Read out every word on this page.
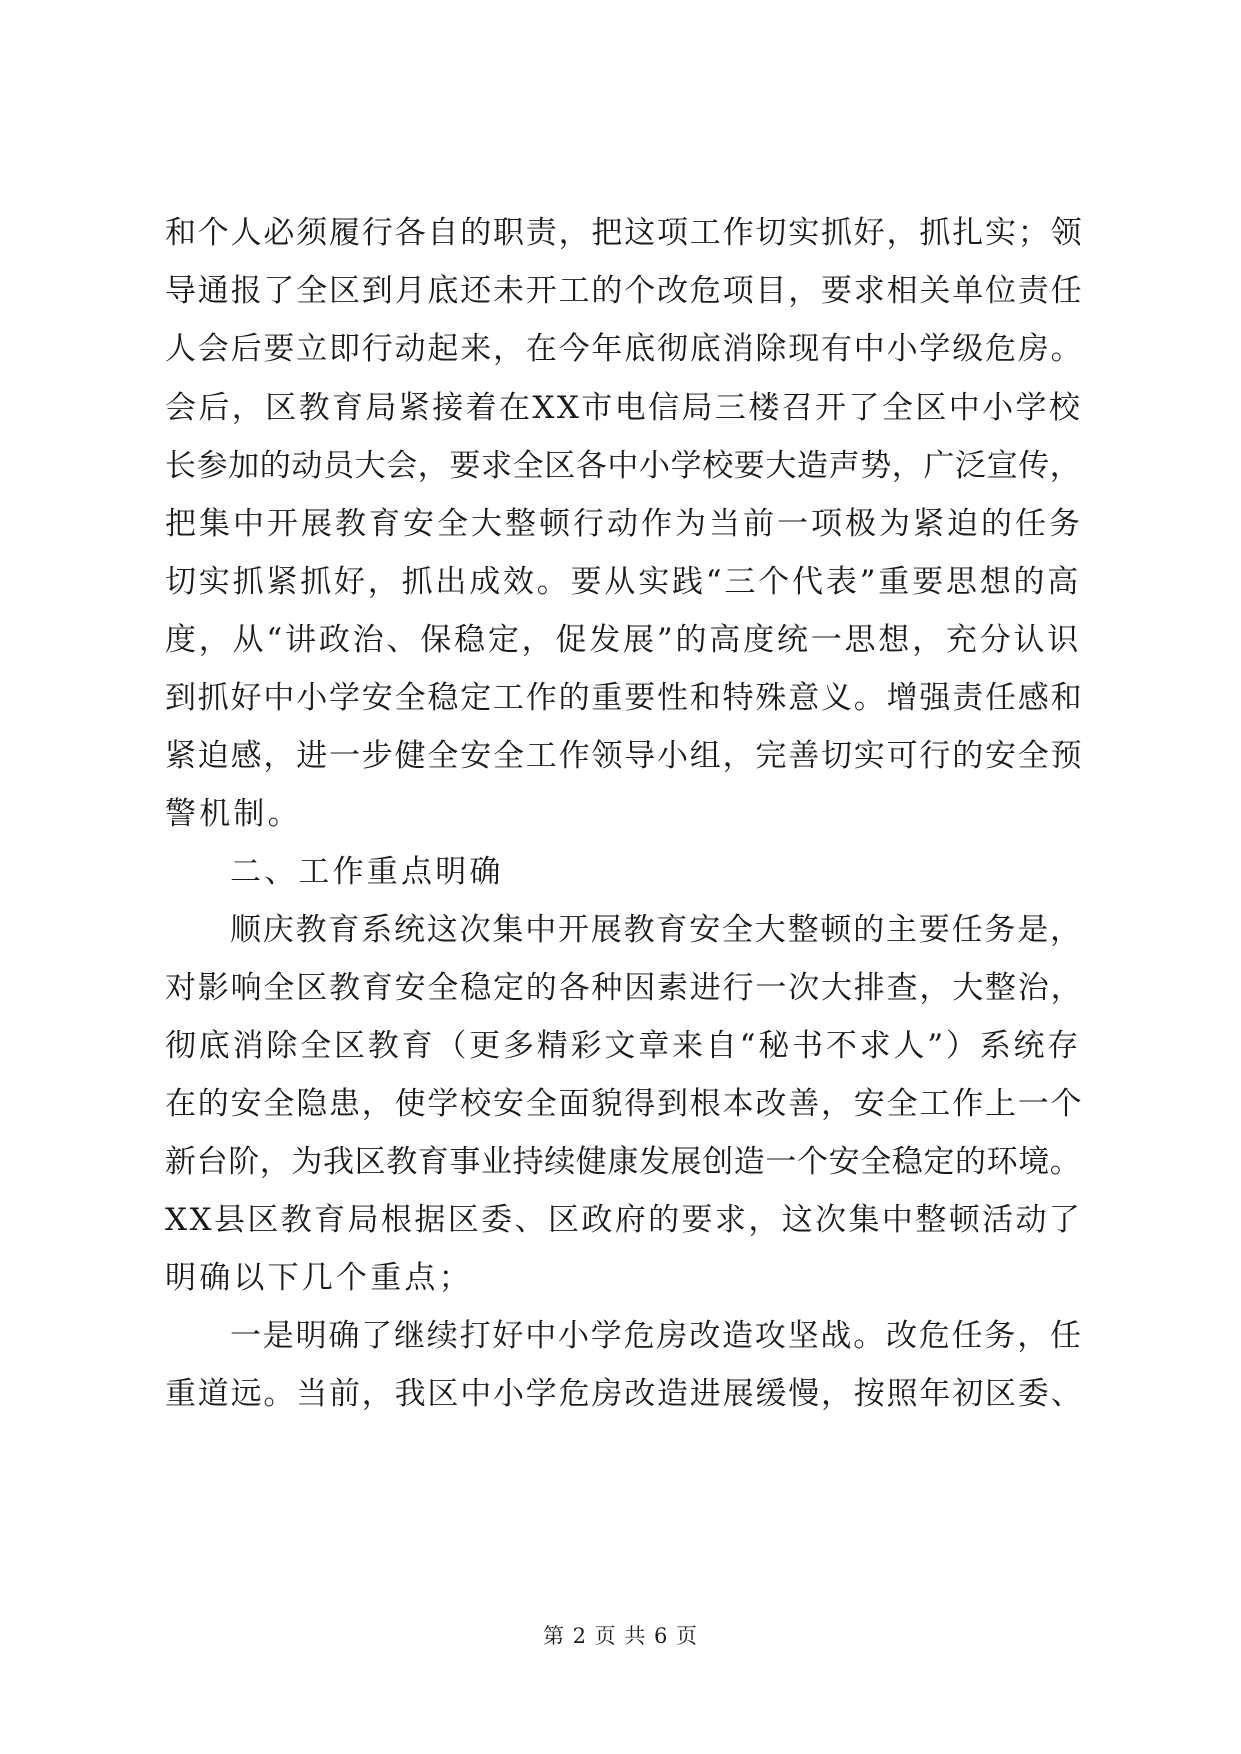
和个人必须履行各自的职责，把这项工作切实抓好，抓扎实；领
导通报了全区到月底还未开工的个改危项目，要求相关单位责任
人会后要立即行动起来，在今年底彻底消除现有中小学级危房。
会后，区教育局紧接着在XX市电信局三楼召开了全区中小学校
长参加的动员大会，要求全区各中小学校要大造声势，广泛宣传，
把集中开展教育安全大整顿行动作为当前一项极为紧迫的任务
切实抓紧抓好，抓出成效。要从实践“三个代表”重要思想的高
度，从“讲政治、保稳定，促发展”的高度统一思想，充分认识
到抓好中小学安全稳定工作的重要性和特殊意义。增强责任感和
紧迫感，进一步健全安全工作领导小组，完善切实可行的安全预
警机制。
二、工作重点明确
顺庆教育系统这次集中开展教育安全大整顿的主要任务是，
对影响全区教育安全稳定的各种因素进行一次大排查，大整治，
彻底消除全区教育（更多精彩文章来自“秘书不求人”）系统存
在的安全隐患，使学校安全面貌得到根本改善，安全工作上一个
新台阶，为我区教育事业持续健康发展创造一个安全稳定的环境。
XX县区教育局根据区委、区政府的要求，这次集中整顿活动了
明确以下几个重点；
一是明确了继续打好中小学危房改造攻坚战。改危任务，任
重道远。当前，我区中小学危房改造进展缓慢，按照年初区委、
第 2 页 共 6 页
